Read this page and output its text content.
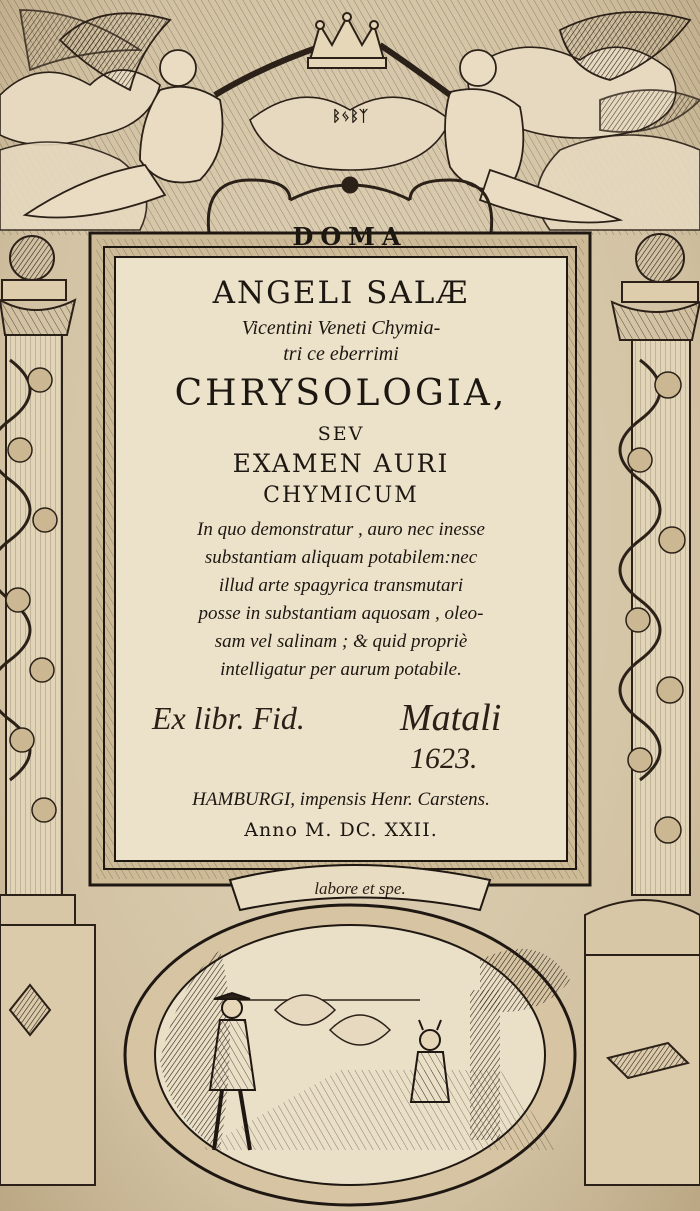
ᛒᛃᛒᛉ
DOMA
ANGELI SALÆ
Vicentini Veneti Chymia-
tri ce eberrimi
CHRYSOLOGIA,
SEV
EXAMEN AURI
CHYMICUM
In quo demonstratur , auro nec inesse
substantiam aliquam potabilem:nec
illud arte spagyrica transmutari
posse in substantiam aquosam , oleo-
sam vel salinam ; & quid propriè
intelligatur per aurum potabile.
HAMBURGI, impensis Henr. Carstens.
Anno M. DC. XXII.
Ex libr. Fid.	Matali
1623.
labore et spe.
